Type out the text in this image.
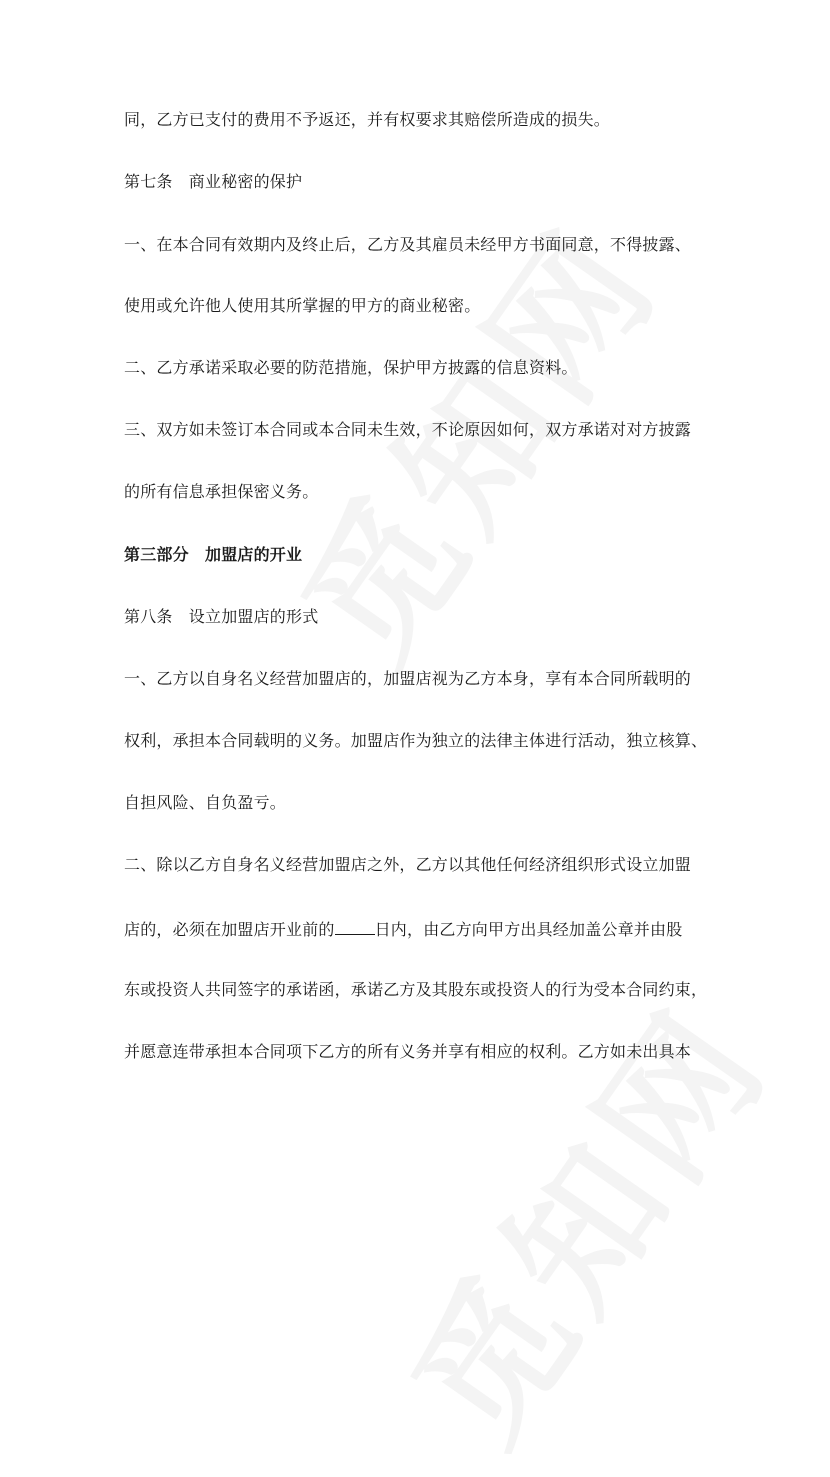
同，乙方已支付的费用不予返还，并有权要求其赔偿所造成的损失。
第七条　商业秘密的保护
一、在本合同有效期内及终止后，乙方及其雇员未经甲方书面同意，不得披露、
使用或允许他人使用其所掌握的甲方的商业秘密。
二、乙方承诺采取必要的防范措施，保护甲方披露的信息资料。
三、双方如未签订本合同或本合同未生效，不论原因如何，双方承诺对对方披露
的所有信息承担保密义务。
第三部分　加盟店的开业
第八条　设立加盟店的形式
一、乙方以自身名义经营加盟店的，加盟店视为乙方本身，享有本合同所载明的
权利，承担本合同载明的义务。加盟店作为独立的法律主体进行活动，独立核算、
自担风险、自负盈亏。
二、除以乙方自身名义经营加盟店之外，乙方以其他任何经济组织形式设立加盟
店的，必须在加盟店开业前的	日内，由乙方向甲方出具经加盖公章并由股
东或投资人共同签字的承诺函，承诺乙方及其股东或投资人的行为受本合同约束，
并愿意连带承担本合同项下乙方的所有义务并享有相应的权利。乙方如未出具本
